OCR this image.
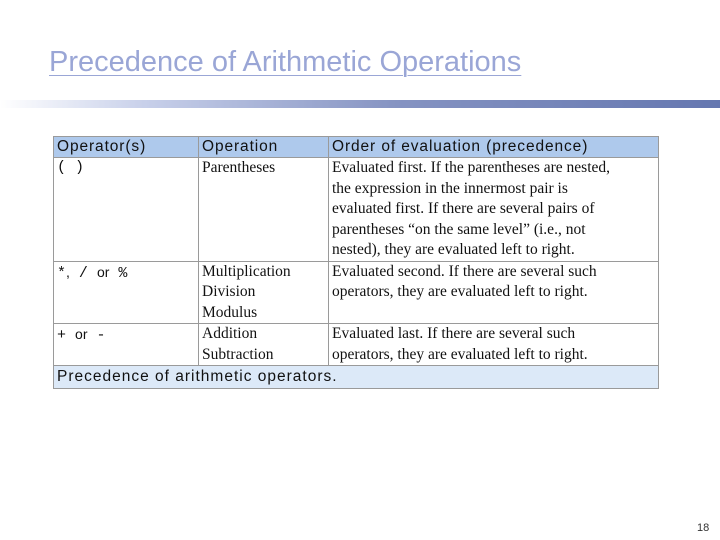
Precedence of Arithmetic Operations
Operator(s)	Operation	Order of evaluation (precedence)

( )	Parentheses	Evaluated first. If the parentheses are nested,
the expression in the innermost pair is
evaluated first. If there are several pairs of
parentheses “on the same level” (i.e., not
nested), they are evaluated left to right.

*, / or %	Multiplication
Division
Modulus	Evaluated second. If there are several such
operators, they are evaluated left to right.

+ or -	Addition
Subtraction	Evaluated last. If there are several such
operators, they are evaluated left to right.

Precedence of arithmetic operators.		
18
